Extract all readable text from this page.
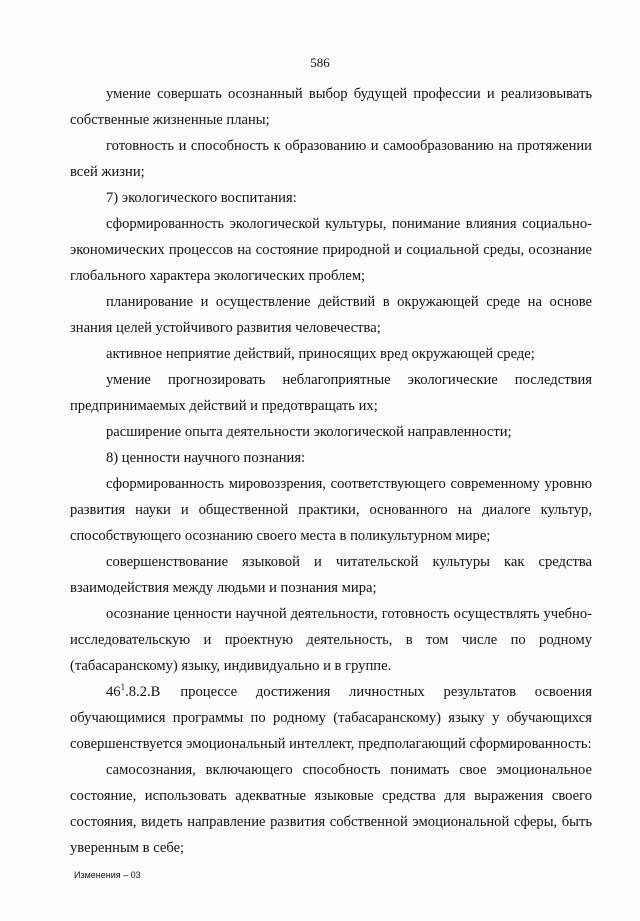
586
умение совершать осознанный выбор будущей профессии и реализовывать
собственные жизненные планы;
готовность и способность к образованию и самообразованию на протяжении
всей жизни;
7) экологического воспитания:
сформированность экологической культуры, понимание влияния социально-
экономических процессов на состояние природной и социальной среды, осознание
глобального характера экологических проблем;
планирование и осуществление действий в окружающей среде на основе
знания целей устойчивого развития человечества;
активное неприятие действий, приносящих вред окружающей среде;
умение прогнозировать неблагоприятные экологические последствия
предпринимаемых действий и предотвращать их;
расширение опыта деятельности экологической направленности;
8) ценности научного познания:
сформированность мировоззрения, соответствующего современному уровню
развития науки и общественной практики, основанного на диалоге культур,
способствующего осознанию своего места в поликультурном мире;
совершенствование языковой и читательской культуры как средства
взаимодействия между людьми и познания мира;
осознание ценности научной деятельности, готовность осуществлять учебно-
исследовательскую и проектную деятельность, в том числе по родному
(табасаранскому) языку, индивидуально и в группе.
$46^1.8.2$. В процессе достижения личностных результатов освоения
обучающимися программы по родному (табасаранскому) языку у обучающихся
совершенствуется эмоциональный интеллект, предполагающий сформированность:
самосознания, включающего способность понимать свое эмоциональное
состояние, использовать адекватные языковые средства для выражения своего
состояния, видеть направление развития собственной эмоциональной сферы, быть
уверенным в себе;
Изменения – 03
